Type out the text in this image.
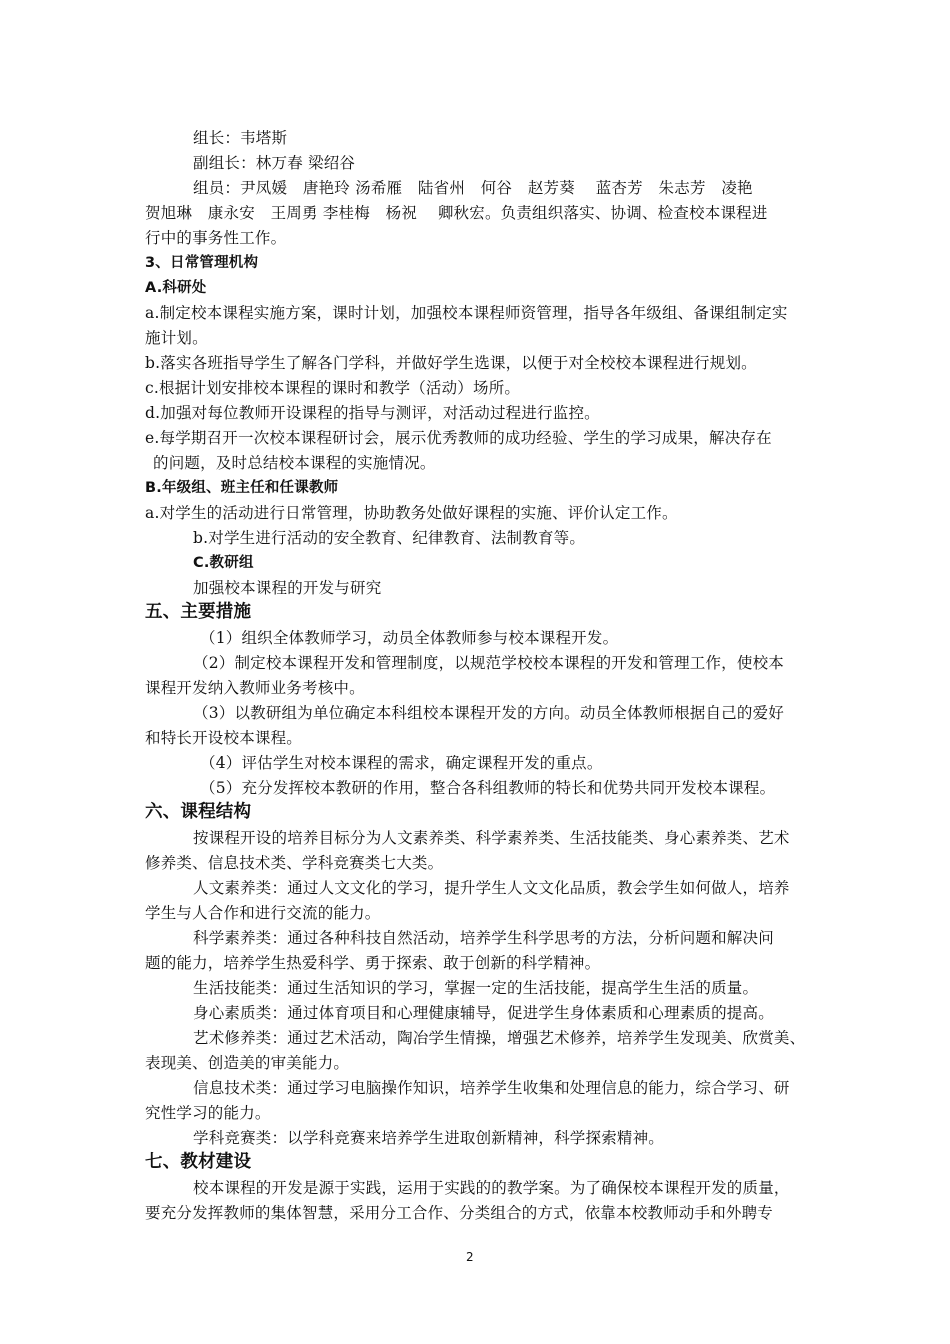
组长：韦塔斯
副组长：林万春 梁绍谷
组员：尹凤媛　唐艳玲 汤希雁　陆省州　何谷　赵芳葵　 蓝杏芳　朱志芳　凌艳
贺旭琳　康永安　王周勇 李桂梅　杨祝　 卿秋宏。负责组织落实、协调、检查校本课程进
行中的事务性工作。
3、日常管理机构
A.科研处
a.制定校本课程实施方案，课时计划，加强校本课程师资管理，指导各年级组、备课组制定实
施计划。
b.落实各班指导学生了解各门学科，并做好学生选课，以便于对全校校本课程进行规划。
c.根据计划安排校本课程的课时和教学（活动）场所。
d.加强对每位教师开设课程的指导与测评，对活动过程进行监控。
e.每学期召开一次校本课程研讨会，展示优秀教师的成功经验、学生的学习成果，解决存在
的问题，及时总结校本课程的实施情况。
B.年级组、班主任和任课教师
a.对学生的活动进行日常管理，协助教务处做好课程的实施、评价认定工作。
b.对学生进行活动的安全教育、纪律教育、法制教育等。
C.教研组
加强校本课程的开发与研究
五、主要措施
（1）组织全体教师学习，动员全体教师参与校本课程开发。
（2）制定校本课程开发和管理制度，以规范学校校本课程的开发和管理工作，使校本
课程开发纳入教师业务考核中。
（3）以教研组为单位确定本科组校本课程开发的方向。动员全体教师根据自己的爱好
和特长开设校本课程。
（4）评估学生对校本课程的需求，确定课程开发的重点。
（5）充分发挥校本教研的作用，整合各科组教师的特长和优势共同开发校本课程。
六、课程结构
按课程开设的培养目标分为人文素养类、科学素养类、生活技能类、身心素养类、艺术
修养类、信息技术类、学科竞赛类七大类。
人文素养类：通过人文文化的学习，提升学生人文文化品质，教会学生如何做人，培养
学生与人合作和进行交流的能力。
科学素养类：通过各种科技自然活动，培养学生科学思考的方法，分析问题和解决问
题的能力，培养学生热爱科学、勇于探索、敢于创新的科学精神。
生活技能类：通过生活知识的学习，掌握一定的生活技能，提高学生生活的质量。
身心素质类：通过体育项目和心理健康辅导，促进学生身体素质和心理素质的提高。
艺术修养类：通过艺术活动，陶冶学生情操，增强艺术修养，培养学生发现美、欣赏美、
表现美、创造美的审美能力。
信息技术类：通过学习电脑操作知识，培养学生收集和处理信息的能力，综合学习、研
究性学习的能力。
学科竞赛类：以学科竞赛来培养学生进取创新精神，科学探索精神。
七、教材建设
校本课程的开发是源于实践，运用于实践的的教学案。为了确保校本课程开发的质量，
要充分发挥教师的集体智慧，采用分工合作、分类组合的方式，依靠本校教师动手和外聘专
2
